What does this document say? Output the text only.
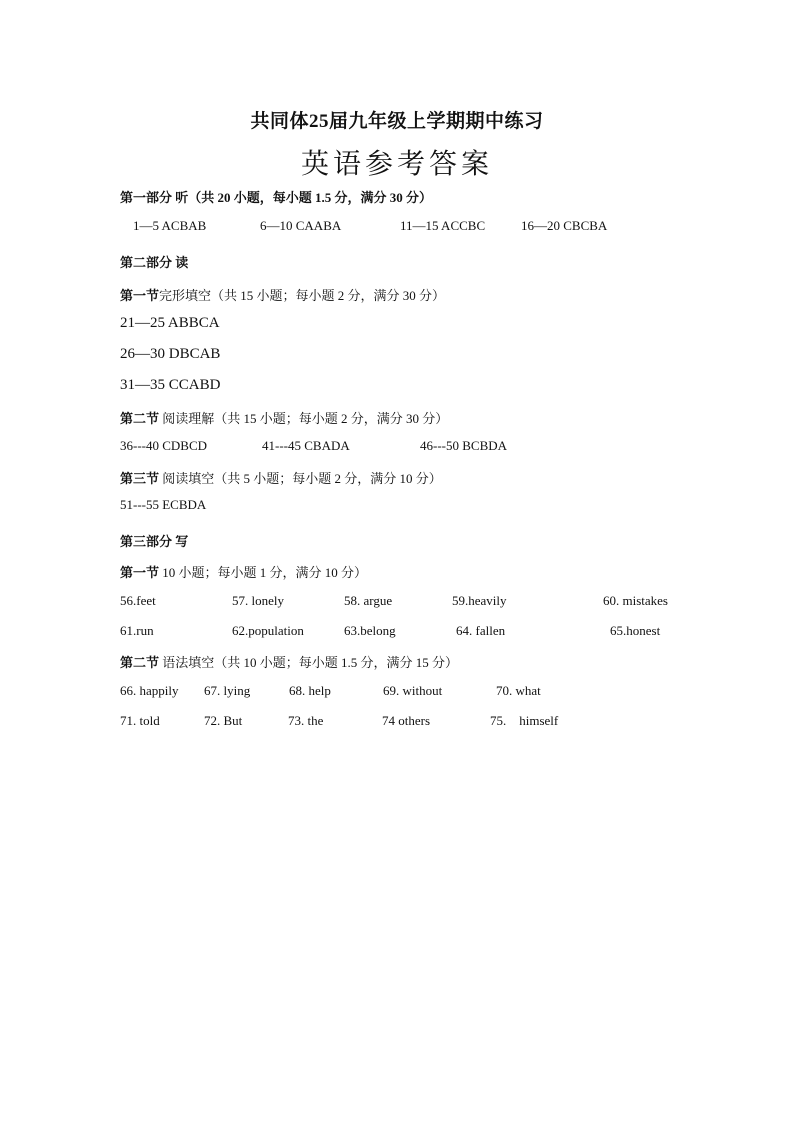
共同体25届九年级上学期期中练习
英语参考答案
第一部分 听（共 20 小题，每小题 1.5 分，满分 30 分）
1—5 ACBAB	6—10 CAABA	11—15 ACCBC	16—20 CBCBA
第二部分 读
第一节完形填空（共 15 小题；每小题 2 分，满分 30 分）
21—25 ABBCA
26—30 DBCAB
31—35 CCABD
第二节 阅读理解（共 15 小题；每小题 2 分，满分 30 分）
36---40 CDBCD	41---45 CBADA	46---50 BCBDA
第三节 阅读填空（共 5 小题；每小题 2 分，满分 10 分）
51---55 ECBDA
第三部分 写
第一节 10 小题；每小题 1 分，满分 10 分）
56.feet	57. lonely	58. argue	59.heavily	60. mistakes
61.run	62.population	63.belong	64. fallen	65.honest
第二节 语法填空（共 10 小题；每小题 1.5 分，满分 15 分）
66. happily 67. lying	68. help	69. without	70. what
71. told	72. But	73. the	74 others	75.    himself
